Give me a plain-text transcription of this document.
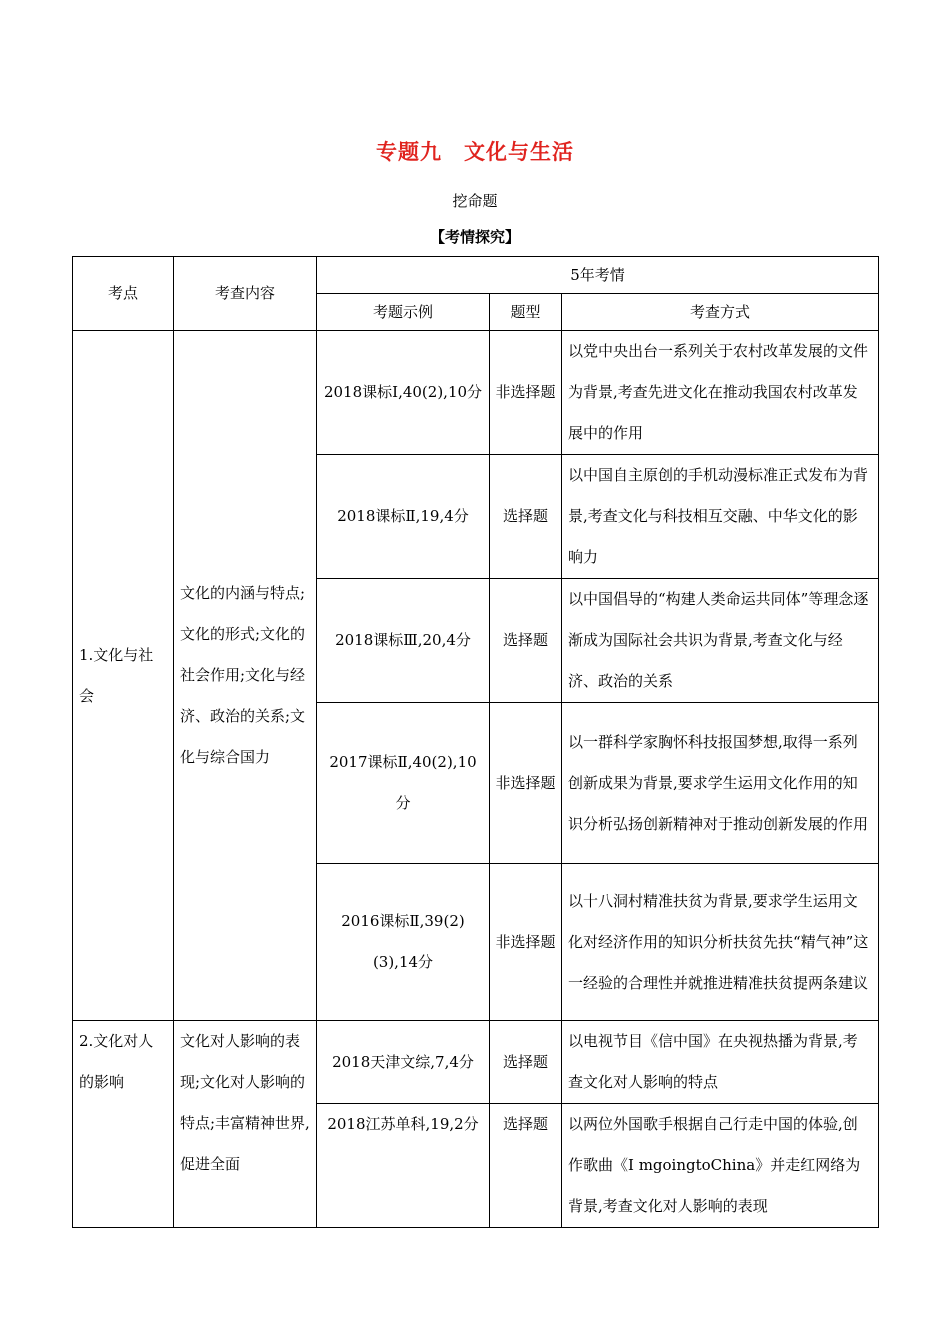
专题九 文化与生活
挖命题
【考情探究】
考点	考查内容	5年考情		
		考题示例	题型	考查方式
1.文化与社会	文化的内涵与特点;文化的形式;文化的社会作用;文化与经济、政治的关系;文化与综合国力	2018课标Ⅰ,40(2),10分	非选择题	以党中央出台一系列关于农村改革发展的文件为背景,考查先进文化在推动我国农村改革发展中的作用
		2018课标Ⅱ,19,4分	选择题	以中国自主原创的手机动漫标准正式发布为背景,考查文化与科技相互交融、中华文化的影响力
		2018课标Ⅲ,20,4分	选择题	以中国倡导的“构建人类命运共同体”等理念逐渐成为国际社会共识为背景,考查文化与经济、政治的关系
		2017课标Ⅱ,40(2),10分	非选择题	以一群科学家胸怀科技报国梦想,取得一系列创新成果为背景,要求学生运用文化作用的知识分析弘扬创新精神对于推动创新发展的作用
		2016课标Ⅱ,39(2)(3),14分	非选择题	以十八洞村精准扶贫为背景,要求学生运用文化对经济作用的知识分析扶贫先扶“精气神”这一经验的合理性并就推进精准扶贫提两条建议
2.文化对人的影响	文化对人影响的表现;文化对人影响的特点;丰富精神世界,促进全面	2018天津文综,7,4分	选择题	以电视节目《信中国》在央视热播为背景,考查文化对人影响的特点
		2018江苏单科,19,2分	选择题	以两位外国歌手根据自己行走中国的体验,创作歌曲《I mgoingtoChina》并走红网络为背景,考查文化对人影响的表现
